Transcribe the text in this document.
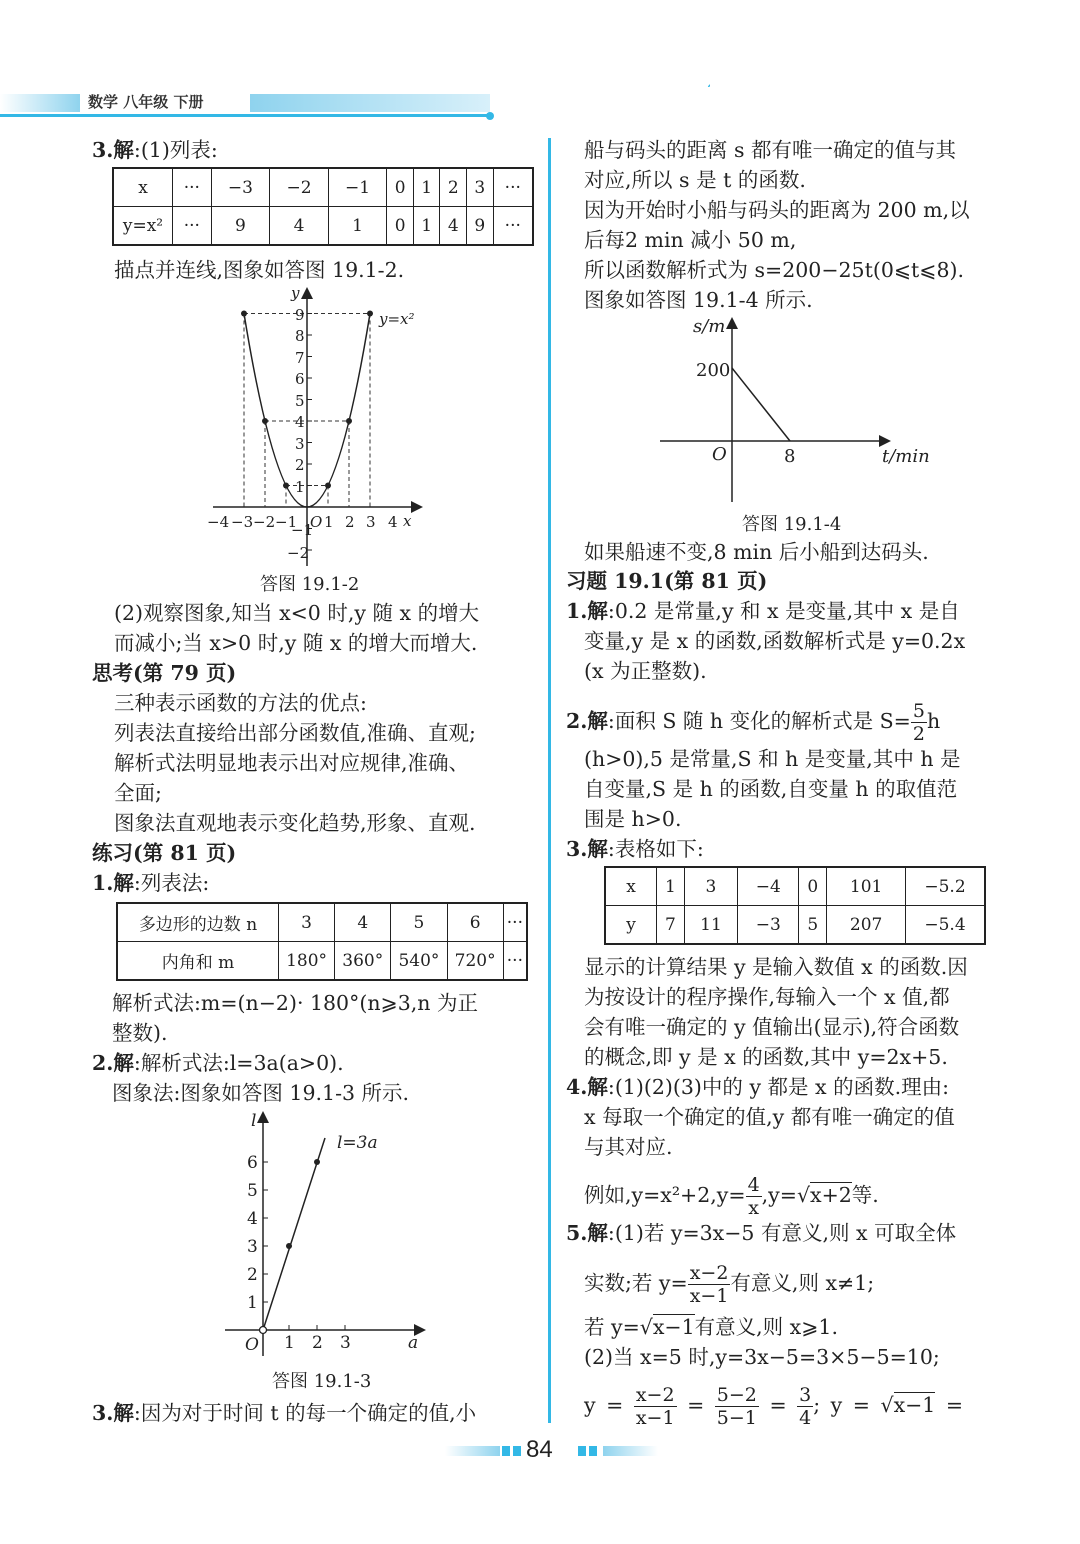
数学 八年级 下册
3.解:(1)列表:
x	···	−3	−2	−1	0	1	2	3	···
y=x²	···	9	4	1	0	1	4	9	···
描点并连线,图象如答图 19.1-2.
1
2
3
4
5
6
7
8
9
−1
−2
−4 −3 −2 −1 O 1 2 3 4 x
y
y=x²
答图 19.1-2
(2)观察图象,知当 x<0 时,y 随 x 的增大
而减小;当 x>0 时,y 随 x 的增大而增大.
思考(第 79 页)
三种表示函数的方法的优点:
列表法直接给出部分函数值,准确、直观;
解析式法明显地表示出对应规律,准确、
全面;
图象法直观地表示变化趋势,形象、直观.
练习(第 81 页)
1.解:列表法:
多边形的边数 n	3	4	5	6	···
内角和 m	180°	360°	540°	720°	···
解析式法:m=(n−2)· 180°(n⩾3,n 为正
整数).
2.解:解析式法:l=3a(a>0).
图象法:图象如答图 19.1-3 所示.
1
2
3
4
5
6
1 2 3
O	a
l
l=3a
答图 19.1-3
3.解:因为对于时间 t 的每一个确定的值,小
船与码头的距离 s 都有唯一确定的值与其
对应,所以 s 是 t 的函数.
因为开始时小船与码头的距离为 200 m,以
后每2 min 减小 50 m,
所以函数解析式为 s=200−25t(0⩽t⩽8).
图象如答图 19.1-4 所示.
s/m
200
8
O	t/min
答图 19.1-4
如果船速不变,8 min 后小船到达码头.
习题 19.1(第 81 页)
1.解:0.2 是常量,y 和 x 是变量,其中 x 是自
变量,y 是 x 的函数,函数解析式是 y=0.2x
(x 为正整数).
2.解:面积 S 随 h 变化的解析式是 $S= \frac{5}{2}$ h
(h>0),5 是常量,S 和 h 是变量,其中 h 是
自变量,S 是 h 的函数,自变量 h 的取值范
围是 h>0.
3.解:表格如下:
x	1	3	−4	0	101	−5.2
y	7	11	−3	5	207	−5.4
显示的计算结果 y 是输入数值 x 的函数.因
为按设计的程序操作,每输入一个 x 值,都
会有唯一确定的 y 值输出(显示),符合函数
的概念,即 y 是 x 的函数,其中 y=2x+5.
4.解:(1)(2)(3)中的 y 都是 x 的函数.理由:
x 每取一个确定的值,y 都有唯一确定的值
与其对应.
例如$,y=x^2+2,y= \frac{4}{x} ,y=√x+2$等.
5.解:(1)若 y=3x−5 有意义,则 x 可取全体
实数;若 $y= \frac{x-2}{x-1}$ 有意义,则 x≠1;
若 y=√x−1有意义,则 x⩾1.
(2)当 x=5 时,y=3x−5=3×5−5=10;
$y = \frac{x-2}{x-1} = \frac{5-2}{5-1} = \frac{3}{4}$ ; y = √x−1 =
84
